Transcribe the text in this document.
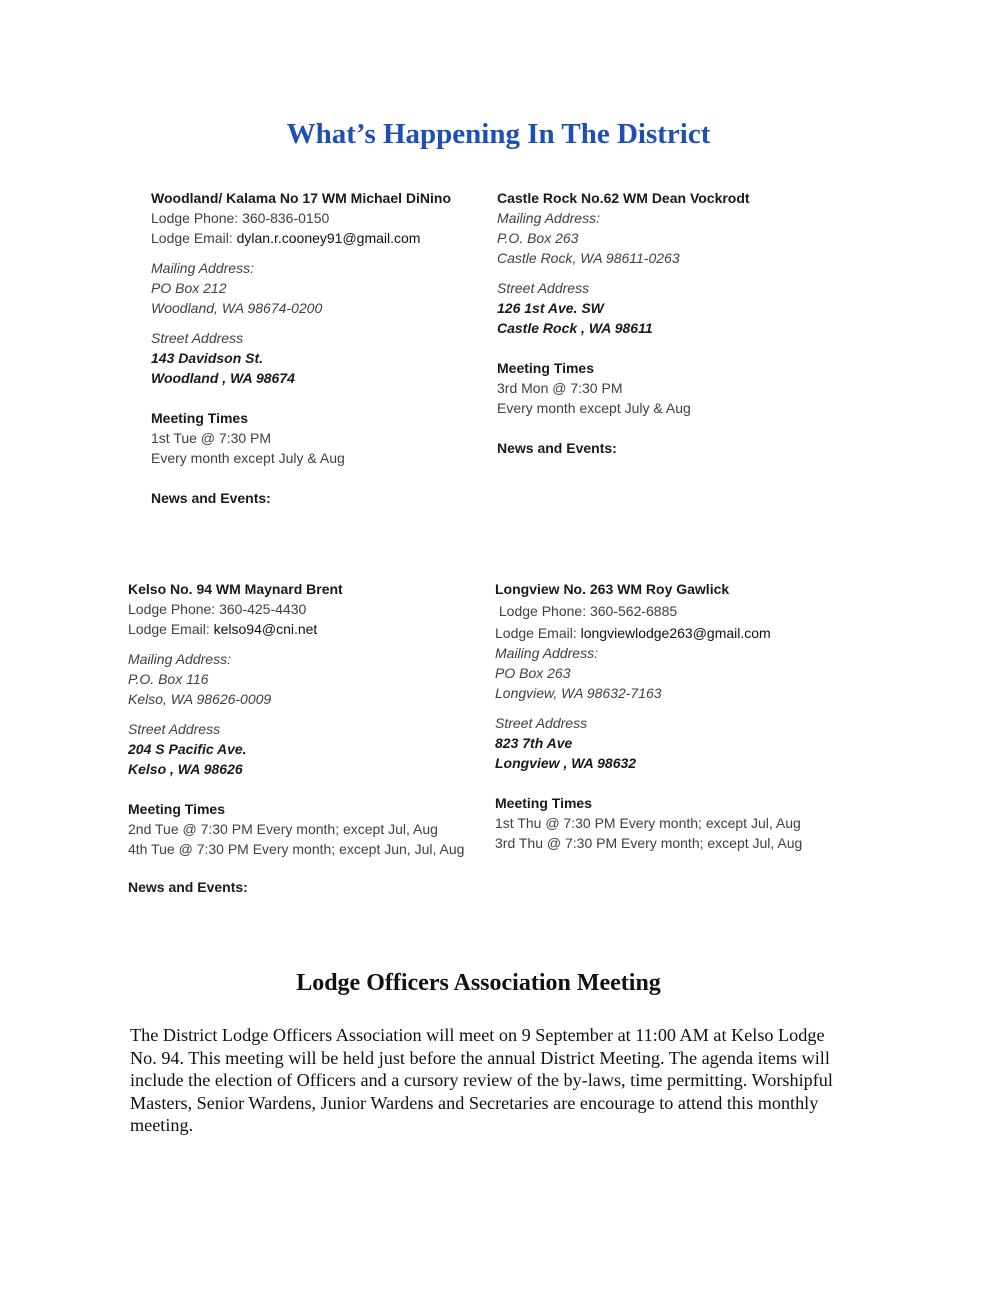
What’s Happening In The District
Woodland/ Kalama No 17 WM Michael DiNino
Lodge Phone: 360-836-0150
Lodge Email: dylan.r.cooney91@gmail.com
Mailing Address:
PO Box 212
Woodland, WA 98674-0200
Street Address
143 Davidson St.
Woodland , WA 98674
Meeting Times
1st Tue @ 7:30 PM
Every month except July & Aug
News and Events:
Castle Rock No.62 WM Dean Vockrodt
Mailing Address:
P.O. Box 263
Castle Rock, WA 98611-0263
Street Address
126 1st Ave. SW
Castle Rock , WA 98611
Meeting Times
3rd Mon @ 7:30 PM
Every month except July & Aug
News and Events:
Kelso No. 94 WM Maynard Brent
Lodge Phone: 360-425-4430
Lodge Email: kelso94@cni.net
Mailing Address:
P.O. Box 116
Kelso, WA 98626-0009
Street Address
204 S Pacific Ave.
Kelso , WA 98626
Meeting Times
2nd Tue @ 7:30 PM Every month; except Jul, Aug
4th Tue @ 7:30 PM Every month; except Jun, Jul, Aug
News and Events:
Longview No. 263 WM Roy Gawlick
Lodge Phone: 360-562-6885
Lodge Email: longviewlodge263@gmail.com
Mailing Address:
PO Box 263
Longview, WA 98632-7163
Street Address
823 7th Ave
Longview , WA 98632
Meeting Times
1st Thu @ 7:30 PM Every month; except Jul, Aug
3rd Thu @ 7:30 PM Every month; except Jul, Aug
Lodge Officers Association Meeting

The District Lodge Officers Association will meet on 9 September at 11:00 AM at Kelso Lodge No. 94. This meeting will be held just before the annual District Meeting. The agenda items will include the election of Officers and a cursory review of the by-laws, time permitting. Worshipful Masters, Senior Wardens, Junior Wardens and Secretaries are encourage to attend this monthly meeting.
